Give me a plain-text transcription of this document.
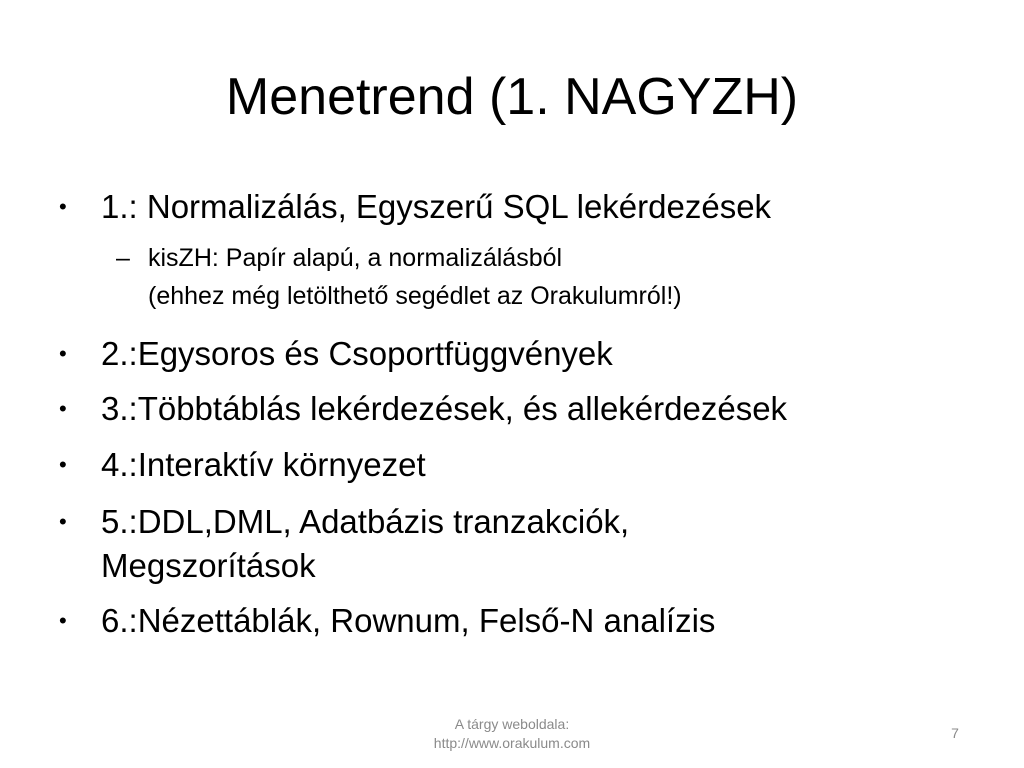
Menetrend (1. NAGYZH)
•	1.: Normalizálás, Egyszerű SQL lekérdezések
– kisZH: Papír alapú, a normalizálásból
(ehhez még letölthető segédlet az Orakulumról!)
•	2.:Egysoros és Csoportfüggvények
•	3.:Többtáblás lekérdezések, és allekérdezések
•	4.:Interaktív környezet
•	5.:DDL,DML, Adatbázis tranzakciók,
Megszorítások
•	6.:Nézettáblák, Rownum, Felső-N analízis
A tárgy weboldala:
http://www.orakulum.com
7
